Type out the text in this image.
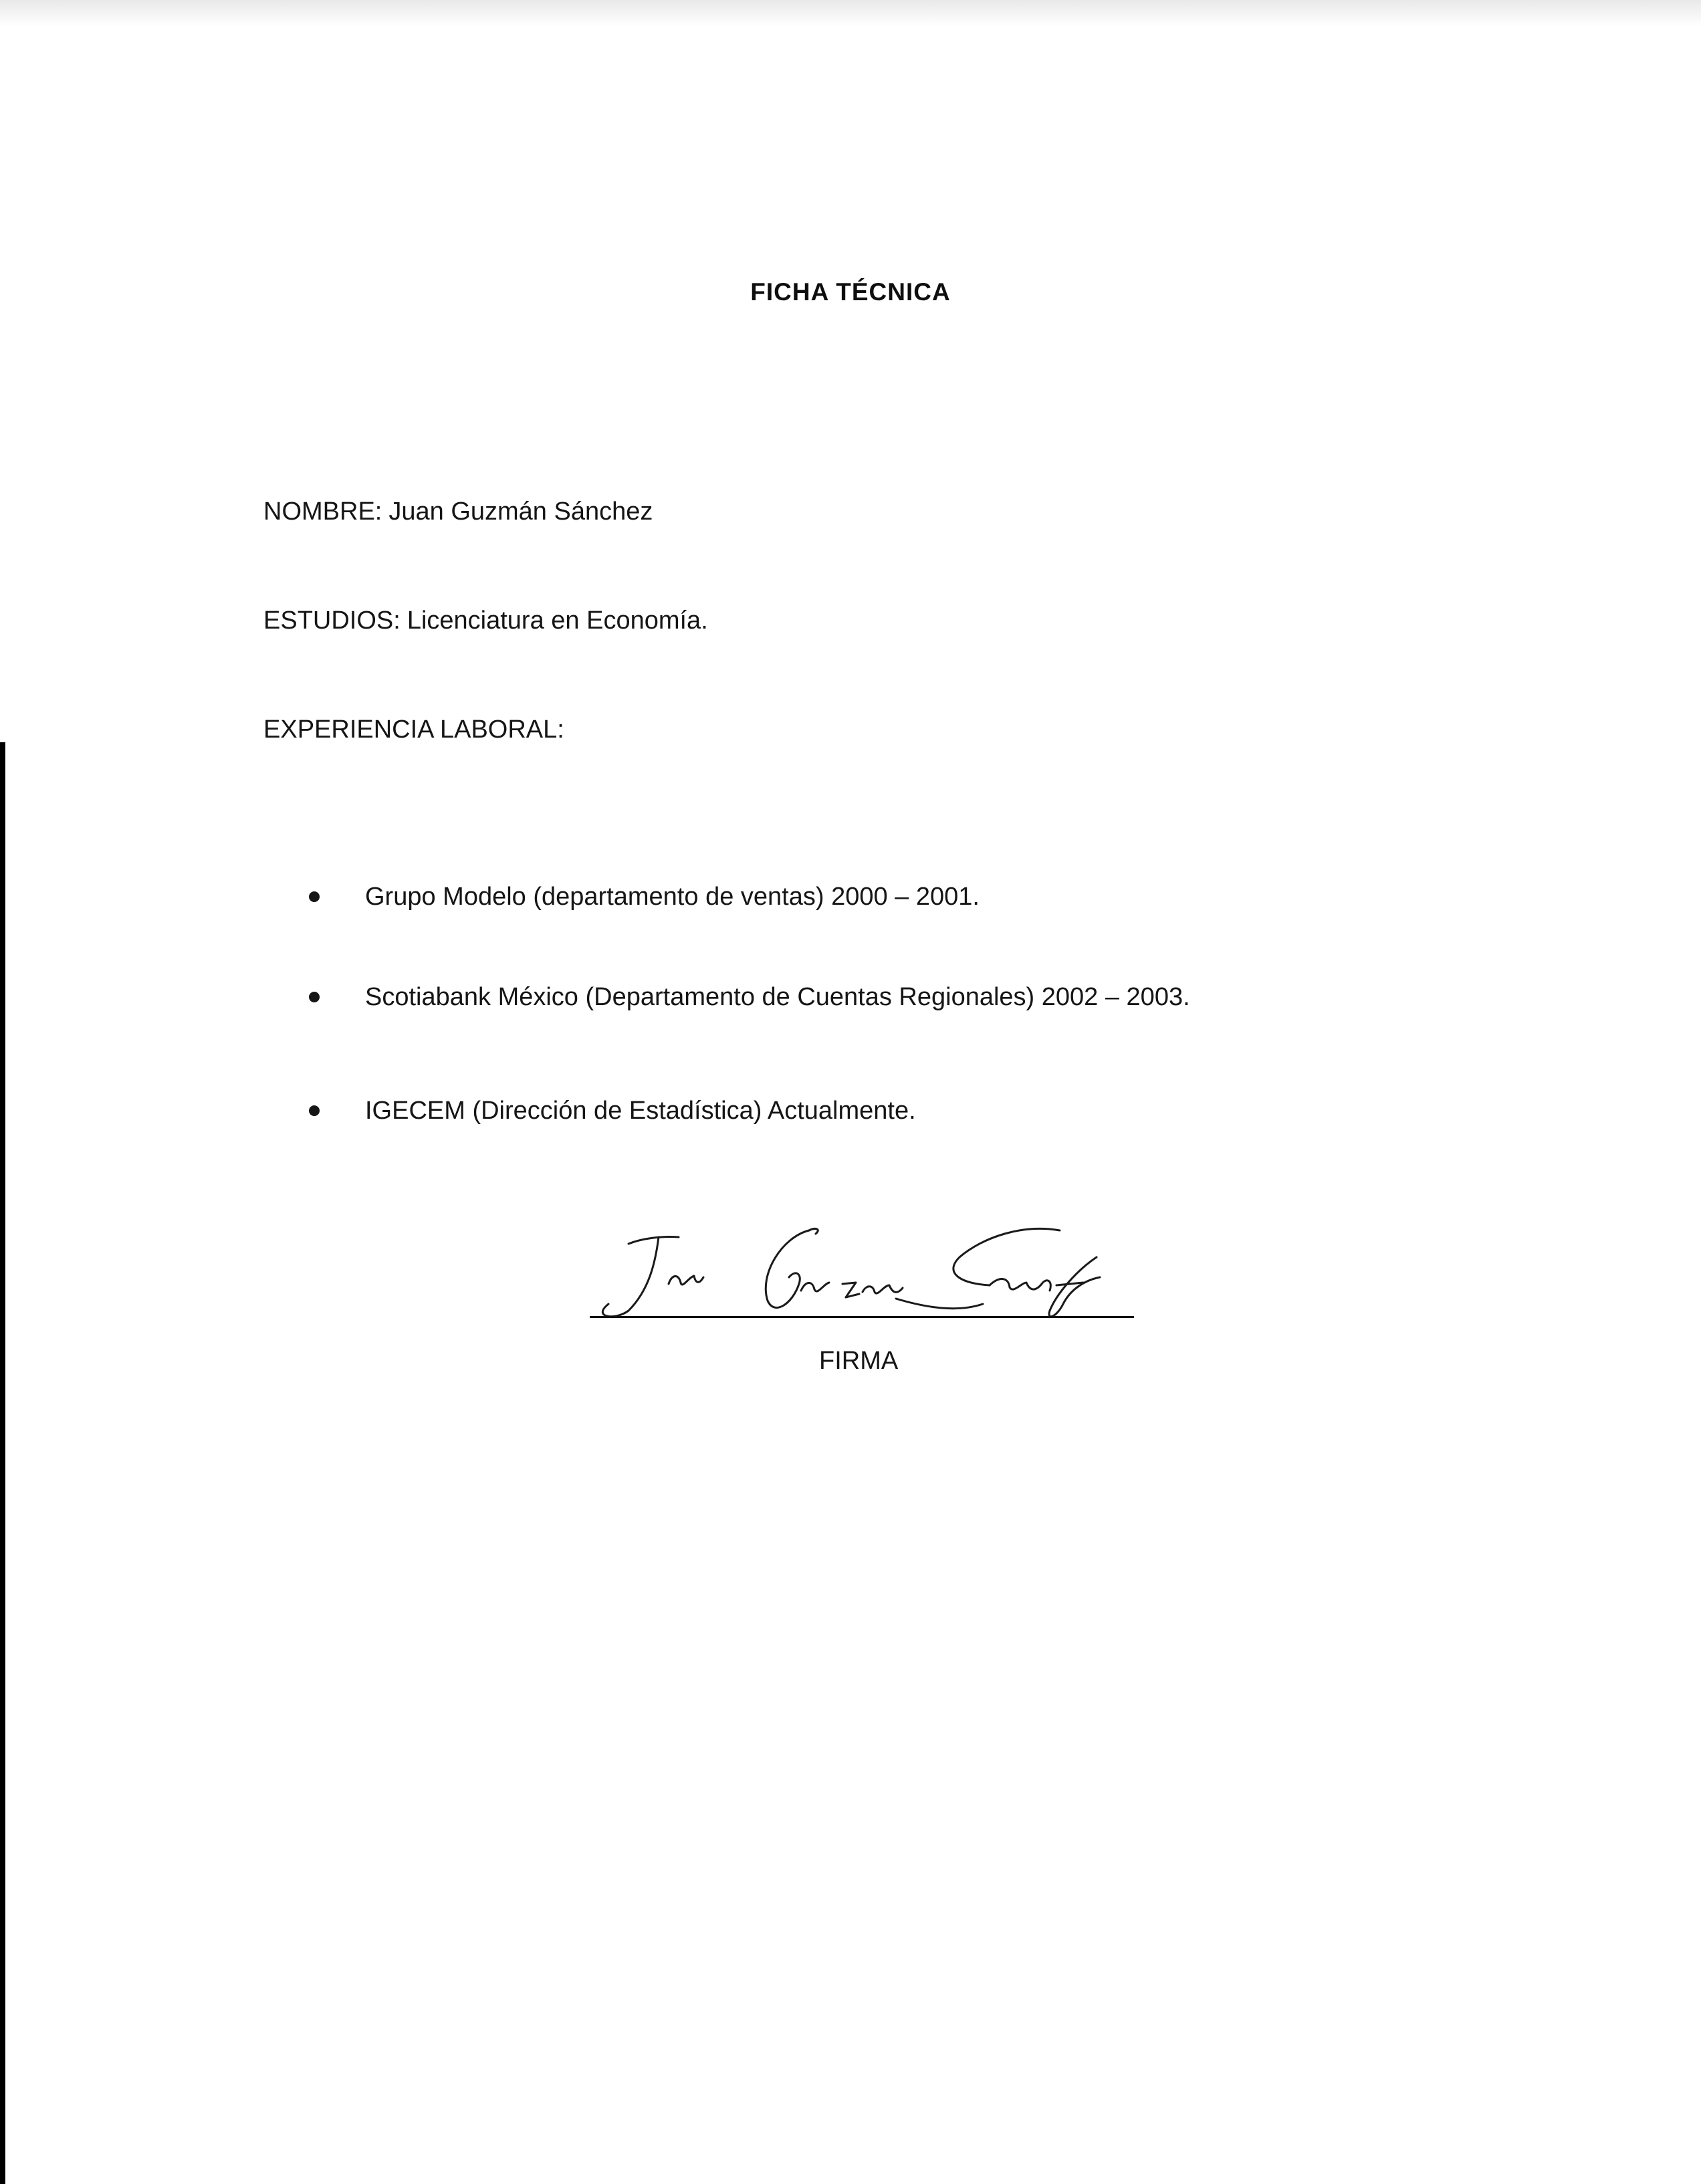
FICHA TÉCNICA
NOMBRE: Juan Guzmán Sánchez
ESTUDIOS: Licenciatura en Economía.
EXPERIENCIA LABORAL:
Grupo Modelo (departamento de ventas) 2000 – 2001.
Scotiabank México (Departamento de Cuentas Regionales) 2002 – 2003.
IGECEM (Dirección de Estadística) Actualmente.
FIRMA
